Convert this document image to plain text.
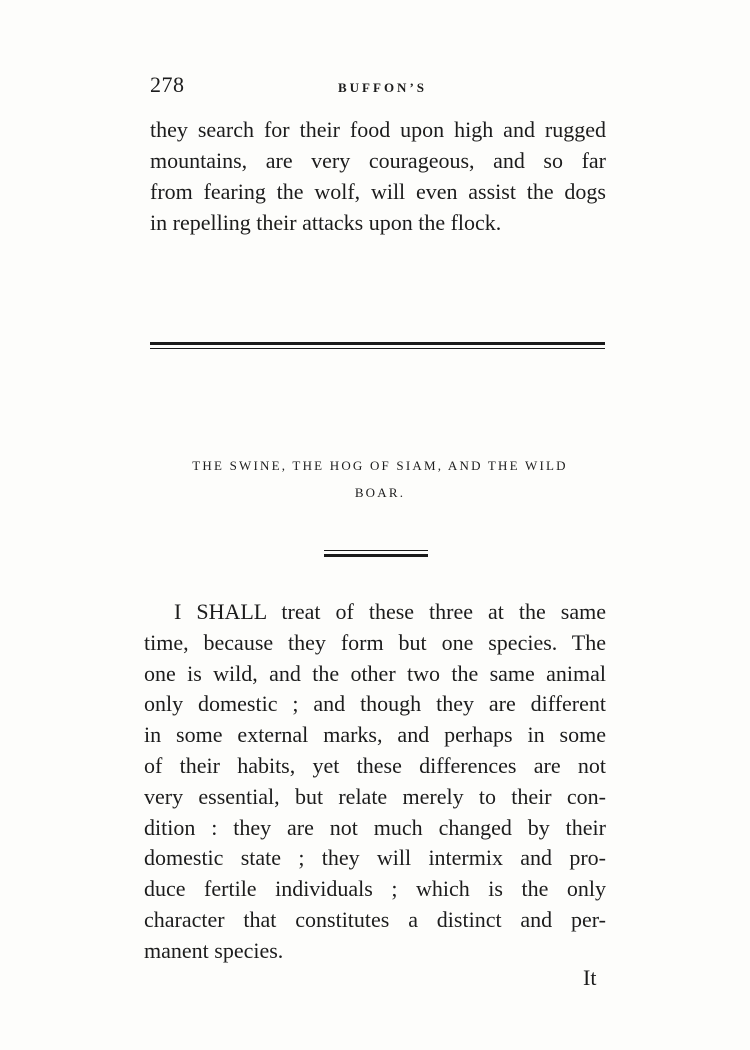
278	BUFFON’S
they search for their food upon high and rugged
mountains, are very courageous, and so far
from fearing the wolf, will even assist the dogs
in repelling their attacks upon the flock.
THE SWINE, THE HOG OF SIAM, AND THE WILD
BOAR.
I SHALL treat of these three at the same
time, because they form but one species. The
one is wild, and the other two the same animal
only domestic ; and though they are different
in some external marks, and perhaps in some
of their habits, yet these differences are not
very essential, but relate merely to their con-
dition : they are not much changed by their
domestic state ; they will intermix and pro-
duce fertile individuals ; which is the only
character that constitutes a distinct and per-
manent species.
It
